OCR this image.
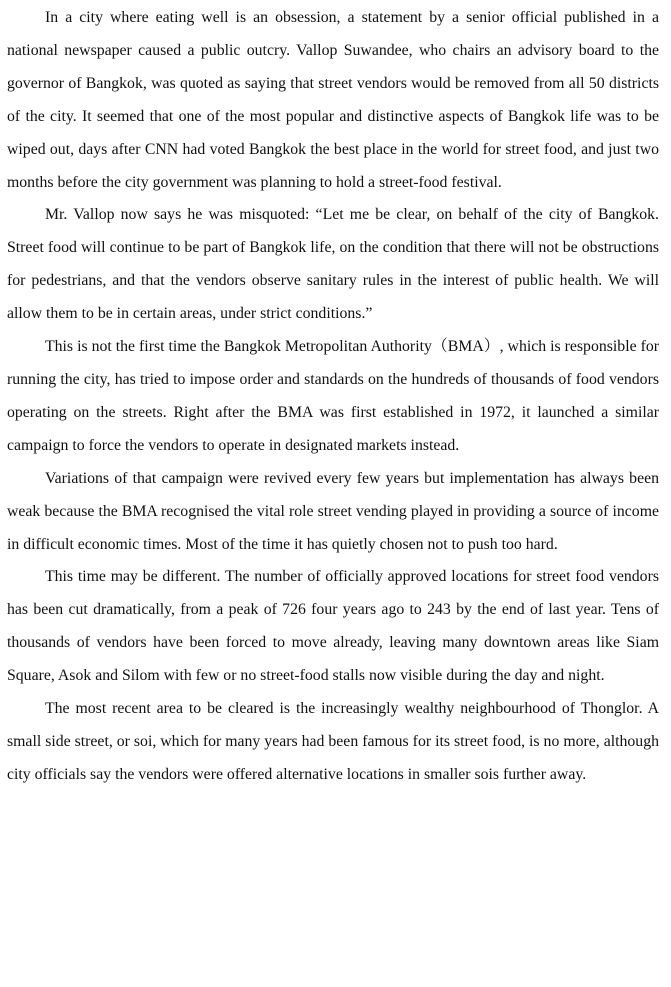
In a city where eating well is an obsession, a statement by a senior official published in a national newspaper caused a public outcry. Vallop Suwandee, who chairs an advisory board to the governor of Bangkok, was quoted as saying that street vendors would be removed from all 50 districts of the city. It seemed that one of the most popular and distinctive aspects of Bangkok life was to be wiped out, days after CNN had voted Bangkok the best place in the world for street food, and just two months before the city government was planning to hold a street-food festival.

Mr. Vallop now says he was misquoted: “Let me be clear, on behalf of the city of Bangkok. Street food will continue to be part of Bangkok life, on the condition that there will not be obstructions for pedestrians, and that the vendors observe sanitary rules in the interest of public health. We will allow them to be in certain areas, under strict conditions.”

This is not the first time the Bangkok Metropolitan Authority（BMA）, which is responsible for running the city, has tried to impose order and standards on the hundreds of thousands of food vendors operating on the streets. Right after the BMA was first established in 1972, it launched a similar campaign to force the vendors to operate in designated markets instead.

Variations of that campaign were revived every few years but implementation has always been weak because the BMA recognised the vital role street vending played in providing a source of income in difficult economic times. Most of the time it has quietly chosen not to push too hard.

This time may be different. The number of officially approved locations for street food vendors has been cut dramatically, from a peak of 726 four years ago to 243 by the end of last year. Tens of thousands of vendors have been forced to move already, leaving many downtown areas like Siam Square, Asok and Silom with few or no street-food stalls now visible during the day and night.

The most recent area to be cleared is the increasingly wealthy neighbourhood of Thonglor. A small side street, or soi, which for many years had been famous for its street food, is no more, although city officials say the vendors were offered alternative locations in smaller sois further away.
